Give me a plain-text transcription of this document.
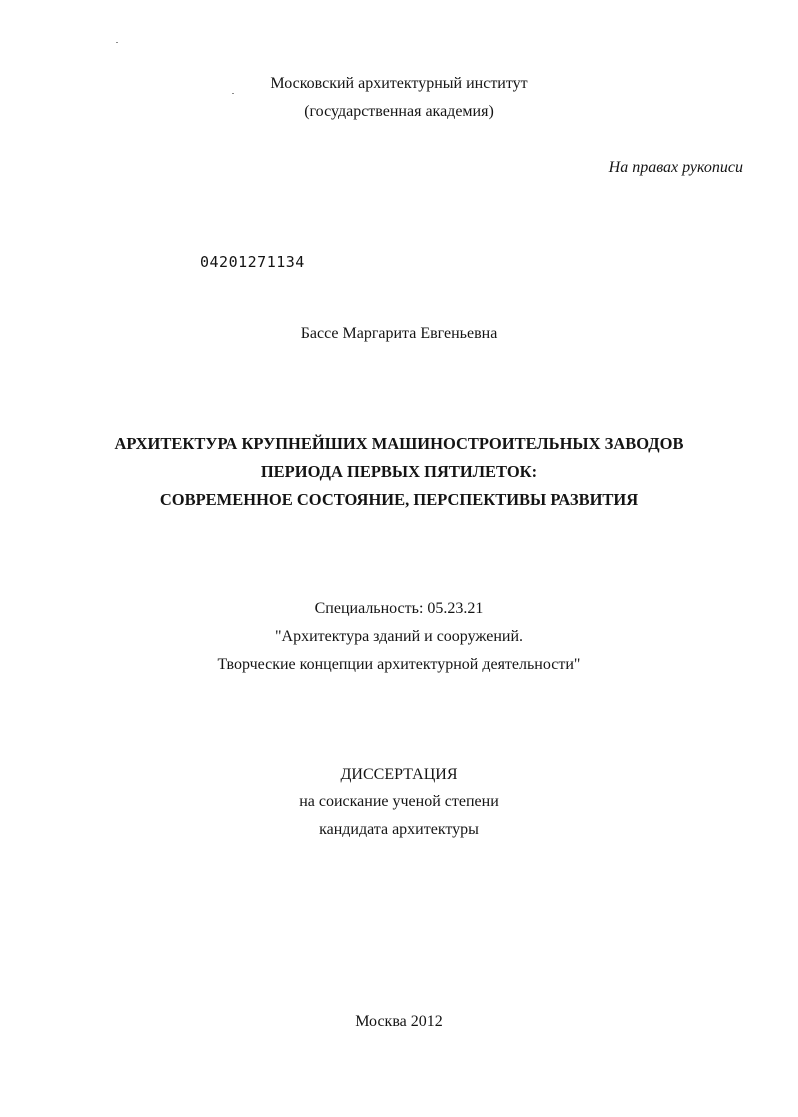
Московский архитектурный институт
(государственная академия)
На правах рукописи
04201271134
Бассе Маргарита Евгеньевна
АРХИТЕКТУРА КРУПНЕЙШИХ МАШИНОСТРОИТЕЛЬНЫХ ЗАВОДОВ
ПЕРИОДА ПЕРВЫХ ПЯТИЛЕТОК:
СОВРЕМЕННОЕ СОСТОЯНИЕ, ПЕРСПЕКТИВЫ РАЗВИТИЯ
Специальность: 05.23.21
"Архитектура зданий и сооружений.
Творческие концепции архитектурной деятельности"
ДИССЕРТАЦИЯ
на соискание ученой степени
кандидата архитектуры
Москва 2012
